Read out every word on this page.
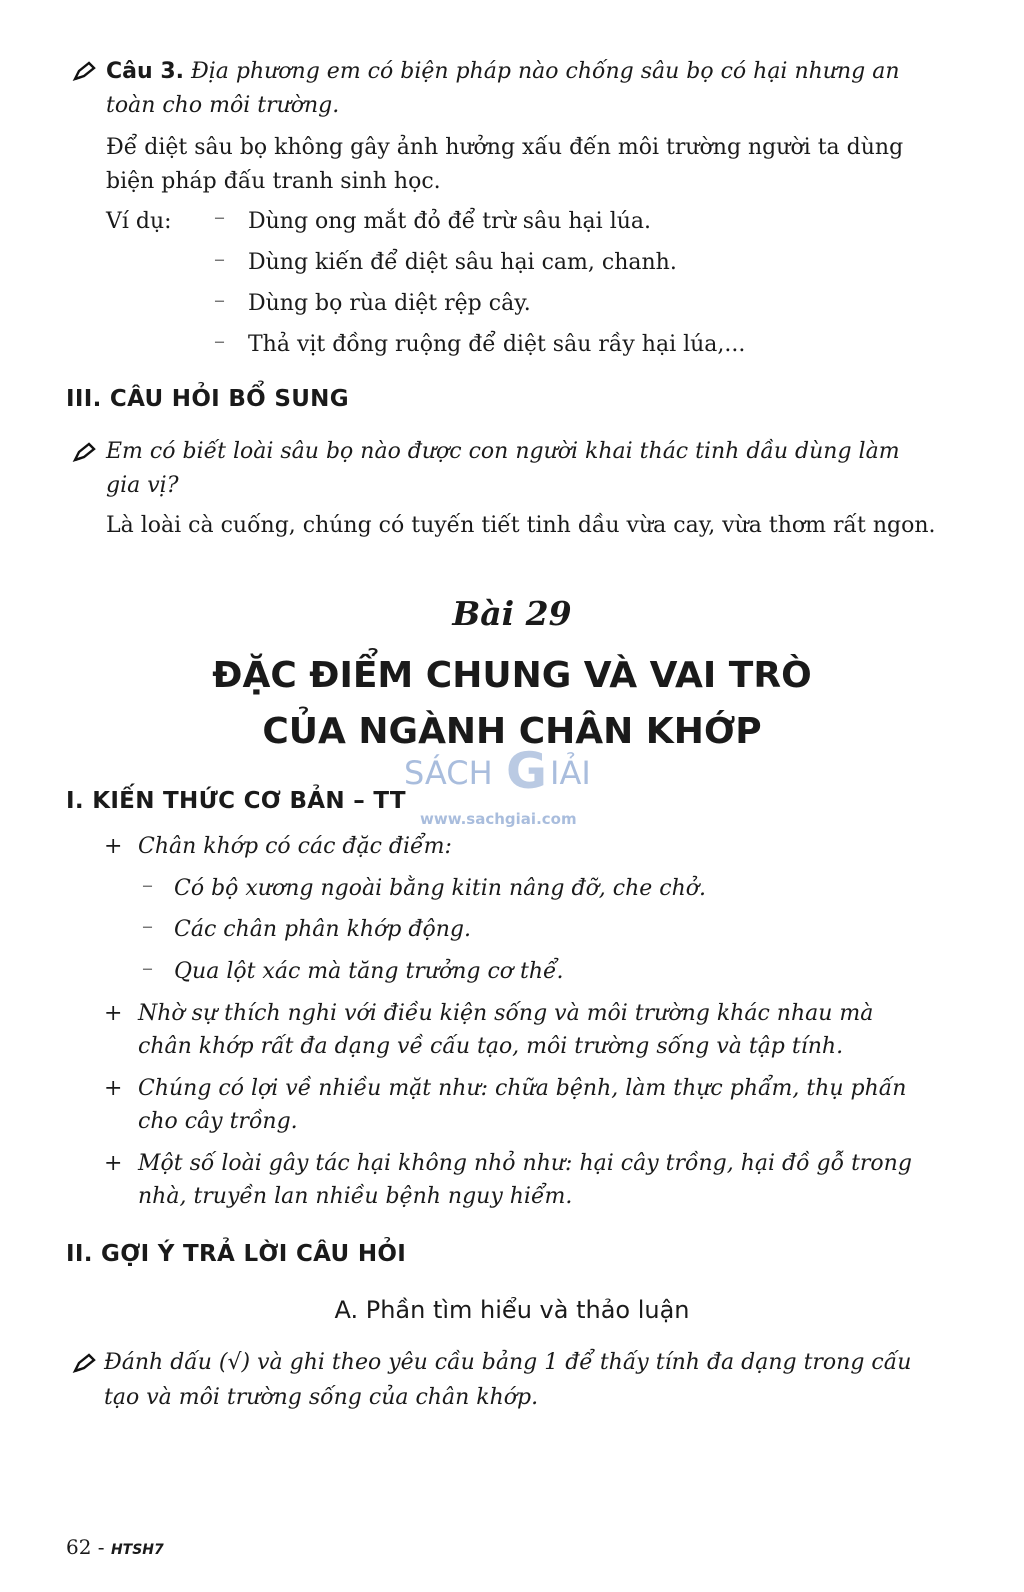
Câu 3. Địa phương em có biện pháp nào chống sâu bọ có hại nhưng an
toàn cho môi trường.
Để diệt sâu bọ không gây ảnh hưởng xấu đến môi trường người ta dùng
biện pháp đấu tranh sinh học.
Ví dụ: – Dùng ong mắt đỏ để trừ sâu hại lúa.
– Dùng kiến để diệt sâu hại cam, chanh.
– Dùng bọ rùa diệt rệp cây.
– Thả vịt đồng ruộng để diệt sâu rầy hại lúa,...
III. CÂU HỎI BỔ SUNG
Em có biết loài sâu bọ nào được con người khai thác tinh dầu dùng làm
gia vị?
Là loài cà cuống, chúng có tuyến tiết tinh dầu vừa cay, vừa thơm rất ngon.
Bài 29
ĐẶC ĐIỂM CHUNG VÀ VAI TRÒ
CỦA NGÀNH CHÂN KHỚP
SÁCH G IẢI
www.sachgiai.com
I. KIẾN THỨC CƠ BẢN – TT
+ Chân khớp có các đặc điểm:
– Có bộ xương ngoài bằng kitin nâng đỡ, che chở.
– Các chân phân khớp động.
– Qua lột xác mà tăng trưởng cơ thể.
+ Nhờ sự thích nghi với điều kiện sống và môi trường khác nhau mà
chân khớp rất đa dạng về cấu tạo, môi trường sống và tập tính.
+ Chúng có lợi về nhiều mặt như: chữa bệnh, làm thực phẩm, thụ phấn
cho cây trồng.
+ Một số loài gây tác hại không nhỏ như: hại cây trồng, hại đồ gỗ trong
nhà, truyền lan nhiều bệnh nguy hiểm.
II. GỢI Ý TRẢ LỜI CÂU HỎI
A. Phần tìm hiểu và thảo luận
Đánh dấu (√) và ghi theo yêu cầu bảng 1 để thấy tính đa dạng trong cấu
tạo và môi trường sống của chân khớp.
62 - HTSH7
